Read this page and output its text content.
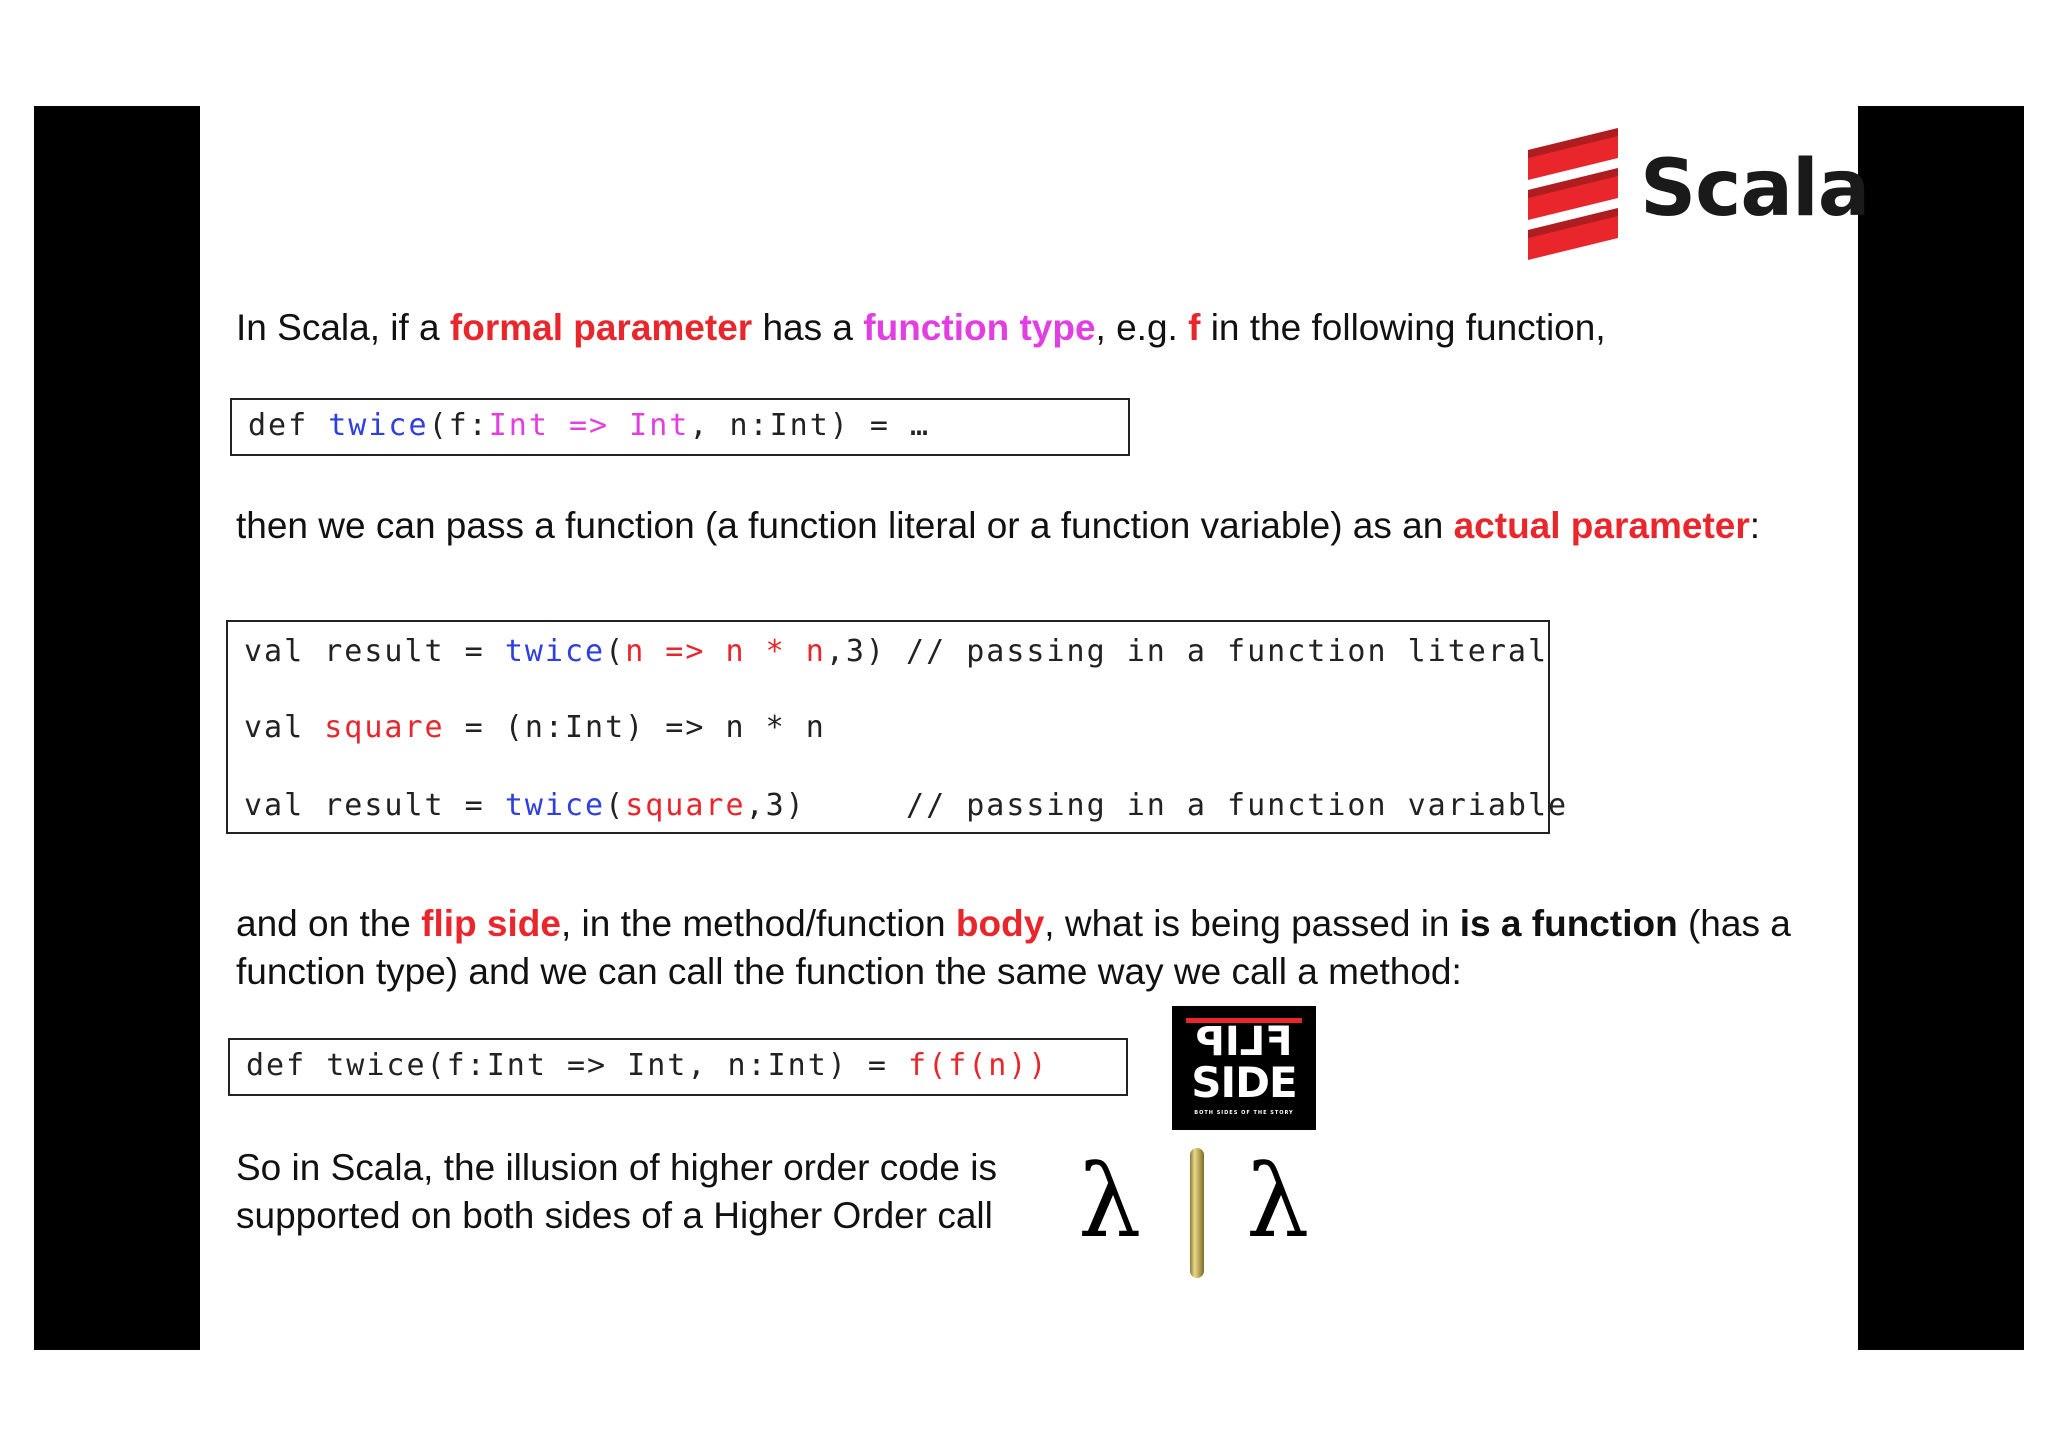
Scala
In Scala, if a formal parameter has a function type, e.g. f in the following function,

def twice(f:Int => Int, n:Int) = …

then we can pass a function (a function literal or a function variable) as an actual parameter:

val result = twice(n => n * n,3) // passing in a function literal

val square = (n:Int) => n * n

val result = twice(square,3)     // passing in a function variable

and on the flip side, in the method/function body, what is being passed in is a function (has a
function type) and we can call the function the same way we call a method:

def twice(f:Int => Int, n:Int) = f(f(n))

FLIP
SIDE
BOTH SIDES OF THE STORY
So in Scala, the illusion of higher order code is
supported on both sides of a Higher Order call λ λ
